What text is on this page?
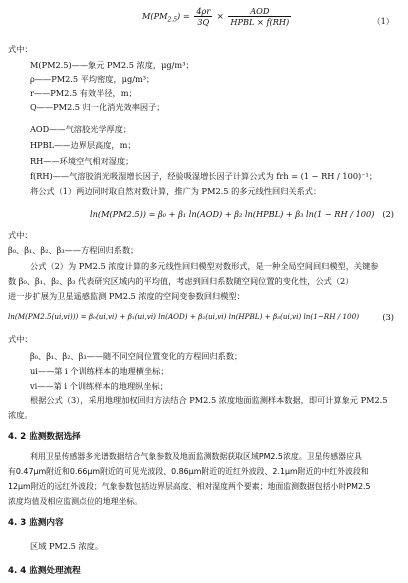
$M(PM_{2.5}) = \frac{4\rho r}{3Q} \times \frac{\text{AOD}}{\text{HPBL × f(RH)}}$	（1）
式中：
M(PM2.5)——象元 PM2.5 浓度，μg/m³；
ρ——PM2.5 平均密度，μg/m³；
r——PM2.5 有效半径，m；
Q——PM2.5 归一化消光效率因子；
AOD——气溶胶光学厚度；
HPBL——边界层高度，m；
RH——环境空气相对湿度；
f(RH)——气溶胶消光吸湿增长因子，经验吸湿增长因子计算公式为 frh = (1 − RH / 100)⁻¹；
将公式（1）两边同时取自然对数计算，推广为 PM2.5 的多元线性回归关系式：
ln(M(PM2.5)) = β₀ + β₁ ln(AOD) + β₂ ln(HPBL) + β₃ ln(1 − RH / 100) (2)
式中：
β₀、β₁、β₂、β₃——方程回归系数；
公式（2）为 PM2.5 浓度计算的多元线性回归模型对数形式，是一种全局空间回归模型，关键参
数 β₀、β₁、β₂、β₃ 代表研究区域内的平均值，考虑到回归系数随空间位置的变化性，公式（2）
进一步扩展为卫星遥感监测 PM2.5 浓度的空间变参数回归模型：
ln(M(PM2.5(ui,vi))) = β₀(ui,vi) + β₁(ui,vi) ln(AOD) + β₂(ui,vi) ln(HPBL) + β₃(ui,vi) ln(1−RH / 100)	(3)
式中：
β₀、β₁、β₂、β₃——随不同空间位置变化的方程回归系数；
ui——第 i 个训练样本的地理横坐标；
vi——第 i 个训练样本的地理纵坐标；
根据公式（3），采用地理加权回归方法结合 PM2.5 浓度地面监测样本数据，即可计算象元 PM2.5
浓度。
4. 2 监测数据选择
利用卫星传感器多光谱数据结合气象参数及地面监测数据获取区域PM2.5浓度。卫星传感器应具
有0.47μm附近和0.66μm附近的可见光波段、0.86μm附近的近红外波段、2.1μm附近的中红外波段和
12μm附近的远红外波段；气象参数包括边界层高度、相对湿度两个要素；地面监测数据包括小时PM2.5
浓度均值及相应监测点位的地理坐标。
4. 3 监测内容
区域 PM2.5 浓度。
4. 4 监测处理流程
